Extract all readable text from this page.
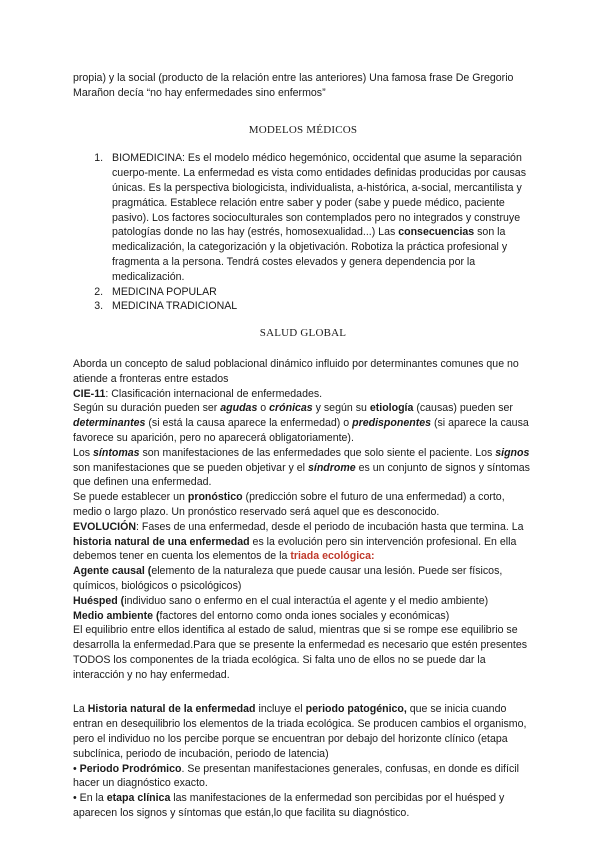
propia) y la social (producto de la relación entre las anteriores) Una famosa frase De Gregorio Marañon decía “no hay enfermedades sino enfermos”

MODELOS MÉDICOS

1. BIOMEDICINA: Es el modelo médico hegemónico, occidental que asume la separación cuerpo-mente. La enfermedad es vista como entidades definidas producidas por causas únicas. Es la perspectiva biologicista, individualista, a-histórica, a-social, mercantilista y pragmática. Establece relación entre saber y poder (sabe y puede médico, paciente pasivo). Los factores socioculturales son contemplados pero no integrados y construye patologías donde no las hay (estrés, homosexualidad...) Las consecuencias son la medicalización, la categorización y la objetivación. Robotiza la práctica profesional y fragmenta a la persona. Tendrá costes elevados y genera dependencia por la medicalización.
2. MEDICINA POPULAR
3. MEDICINA TRADICIONAL

SALUD GLOBAL

Aborda un concepto de salud poblacional dinámico influido por determinantes comunes que no atiende a fronteras entre estados

CIE-11: Clasificación internacional de enfermedades.

Según su duración pueden ser agudas o crónicas y según su etiología (causas) pueden ser determinantes (si está la causa aparece la enfermedad) o predisponentes (si aparece la causa favorece su aparición, pero no aparecerá obligatoriamente).

Los síntomas son manifestaciones de las enfermedades que solo siente el paciente. Los signos son manifestaciones que se pueden objetivar y el síndrome es un conjunto de signos y síntomas que definen una enfermedad.

Se puede establecer un pronóstico (predicción sobre el futuro de una enfermedad) a corto, medio o largo plazo. Un pronóstico reservado será aquel que es desconocido.

EVOLUCIÓN: Fases de una enfermedad, desde el periodo de incubación hasta que termina. La historia natural de una enfermedad es la evolución pero sin intervención profesional. En ella debemos tener en cuenta los elementos de la triada ecológica:

Agente causal (elemento de la naturaleza que puede causar una lesión. Puede ser físicos, químicos, biológicos o psicológicos)

Huésped (individuo sano o enfermo en el cual interactúa el agente y el medio ambiente)

Medio ambiente (factores del entorno como onda iones sociales y económicas)

El equilibrio entre ellos identifica al estado de salud, mientras que si se rompe ese equilibrio se desarrolla la enfermedad.Para que se presente la enfermedad es necesario que estén presentes TODOS los componentes de la triada ecológica. Si falta uno de ellos no se puede dar la interacción y no hay enfermedad.

La Historia natural de la enfermedad incluye el periodo patogénico, que se inicia cuando entran en desequilibrio los elementos de la triada ecológica. Se producen cambios el organismo, pero el individuo no los percibe porque se encuentran por debajo del horizonte clínico (etapa subclínica, periodo de incubación, periodo de latencia)

• Periodo Prodrómico. Se presentan manifestaciones generales, confusas, en donde es difícil hacer un diagnóstico exacto.

• En la etapa clínica las manifestaciones de la enfermedad son percibidas por el huésped y aparecen los signos y síntomas que están,lo que facilita su diagnóstico.
